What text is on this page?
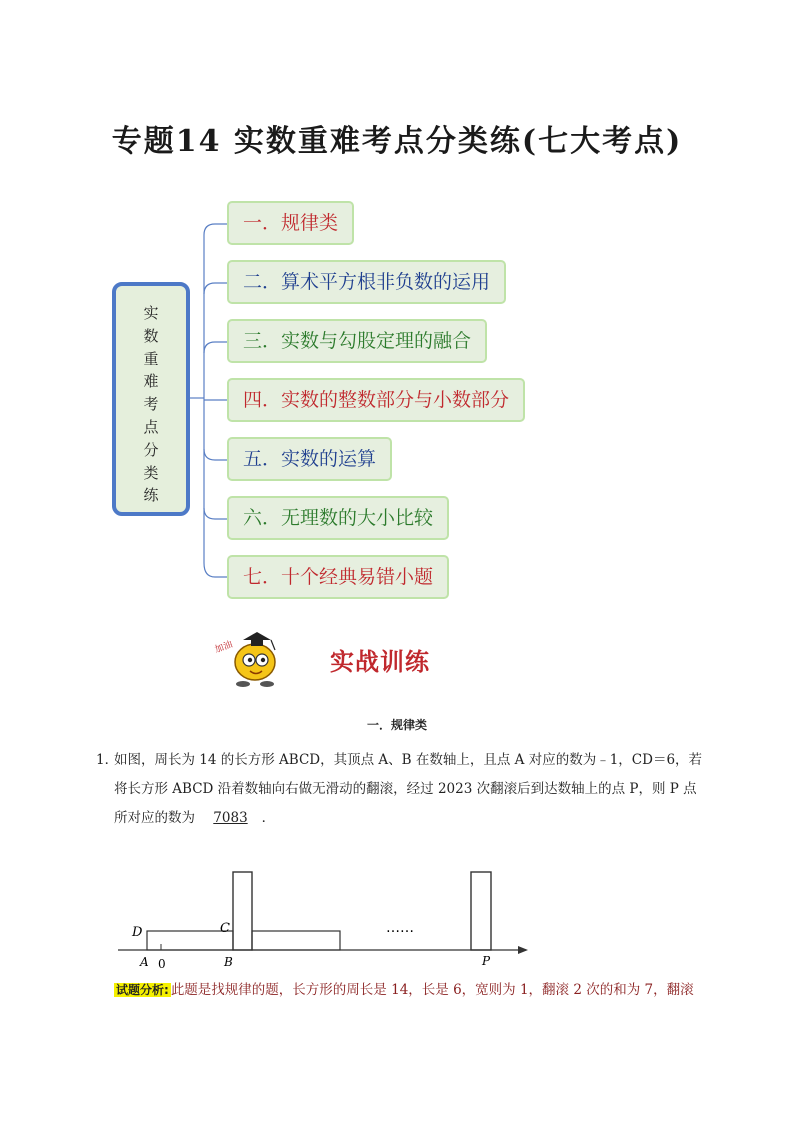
专题14 实数重难考点分类练(七大考点)
实数重难考点分类练
一．规律类
二．算术平方根非负数的运用
三．实数与勾股定理的融合
四．实数的整数部分与小数部分
五．实数的运算
六．无理数的大小比较
七．十个经典易错小题
加油
实战训练
一．规律类
1．
如图，周长为 14 的长方形 ABCD，其顶点 A、B 在数轴上，且点 A 对应的数为﹣1，CD＝6，若
将长方形 ABCD 沿着数轴向右做无滑动的翻滚，经过 2023 次翻滚后到达数轴上的点 P，则 P 点
所对应的数为 7083 ．
D	C
A 0	B	P
……
试题分析: 此题是找规律的题，长方形的周长是 14，长是 6，宽则为 1，翻滚 2 次的和为 7，翻滚
